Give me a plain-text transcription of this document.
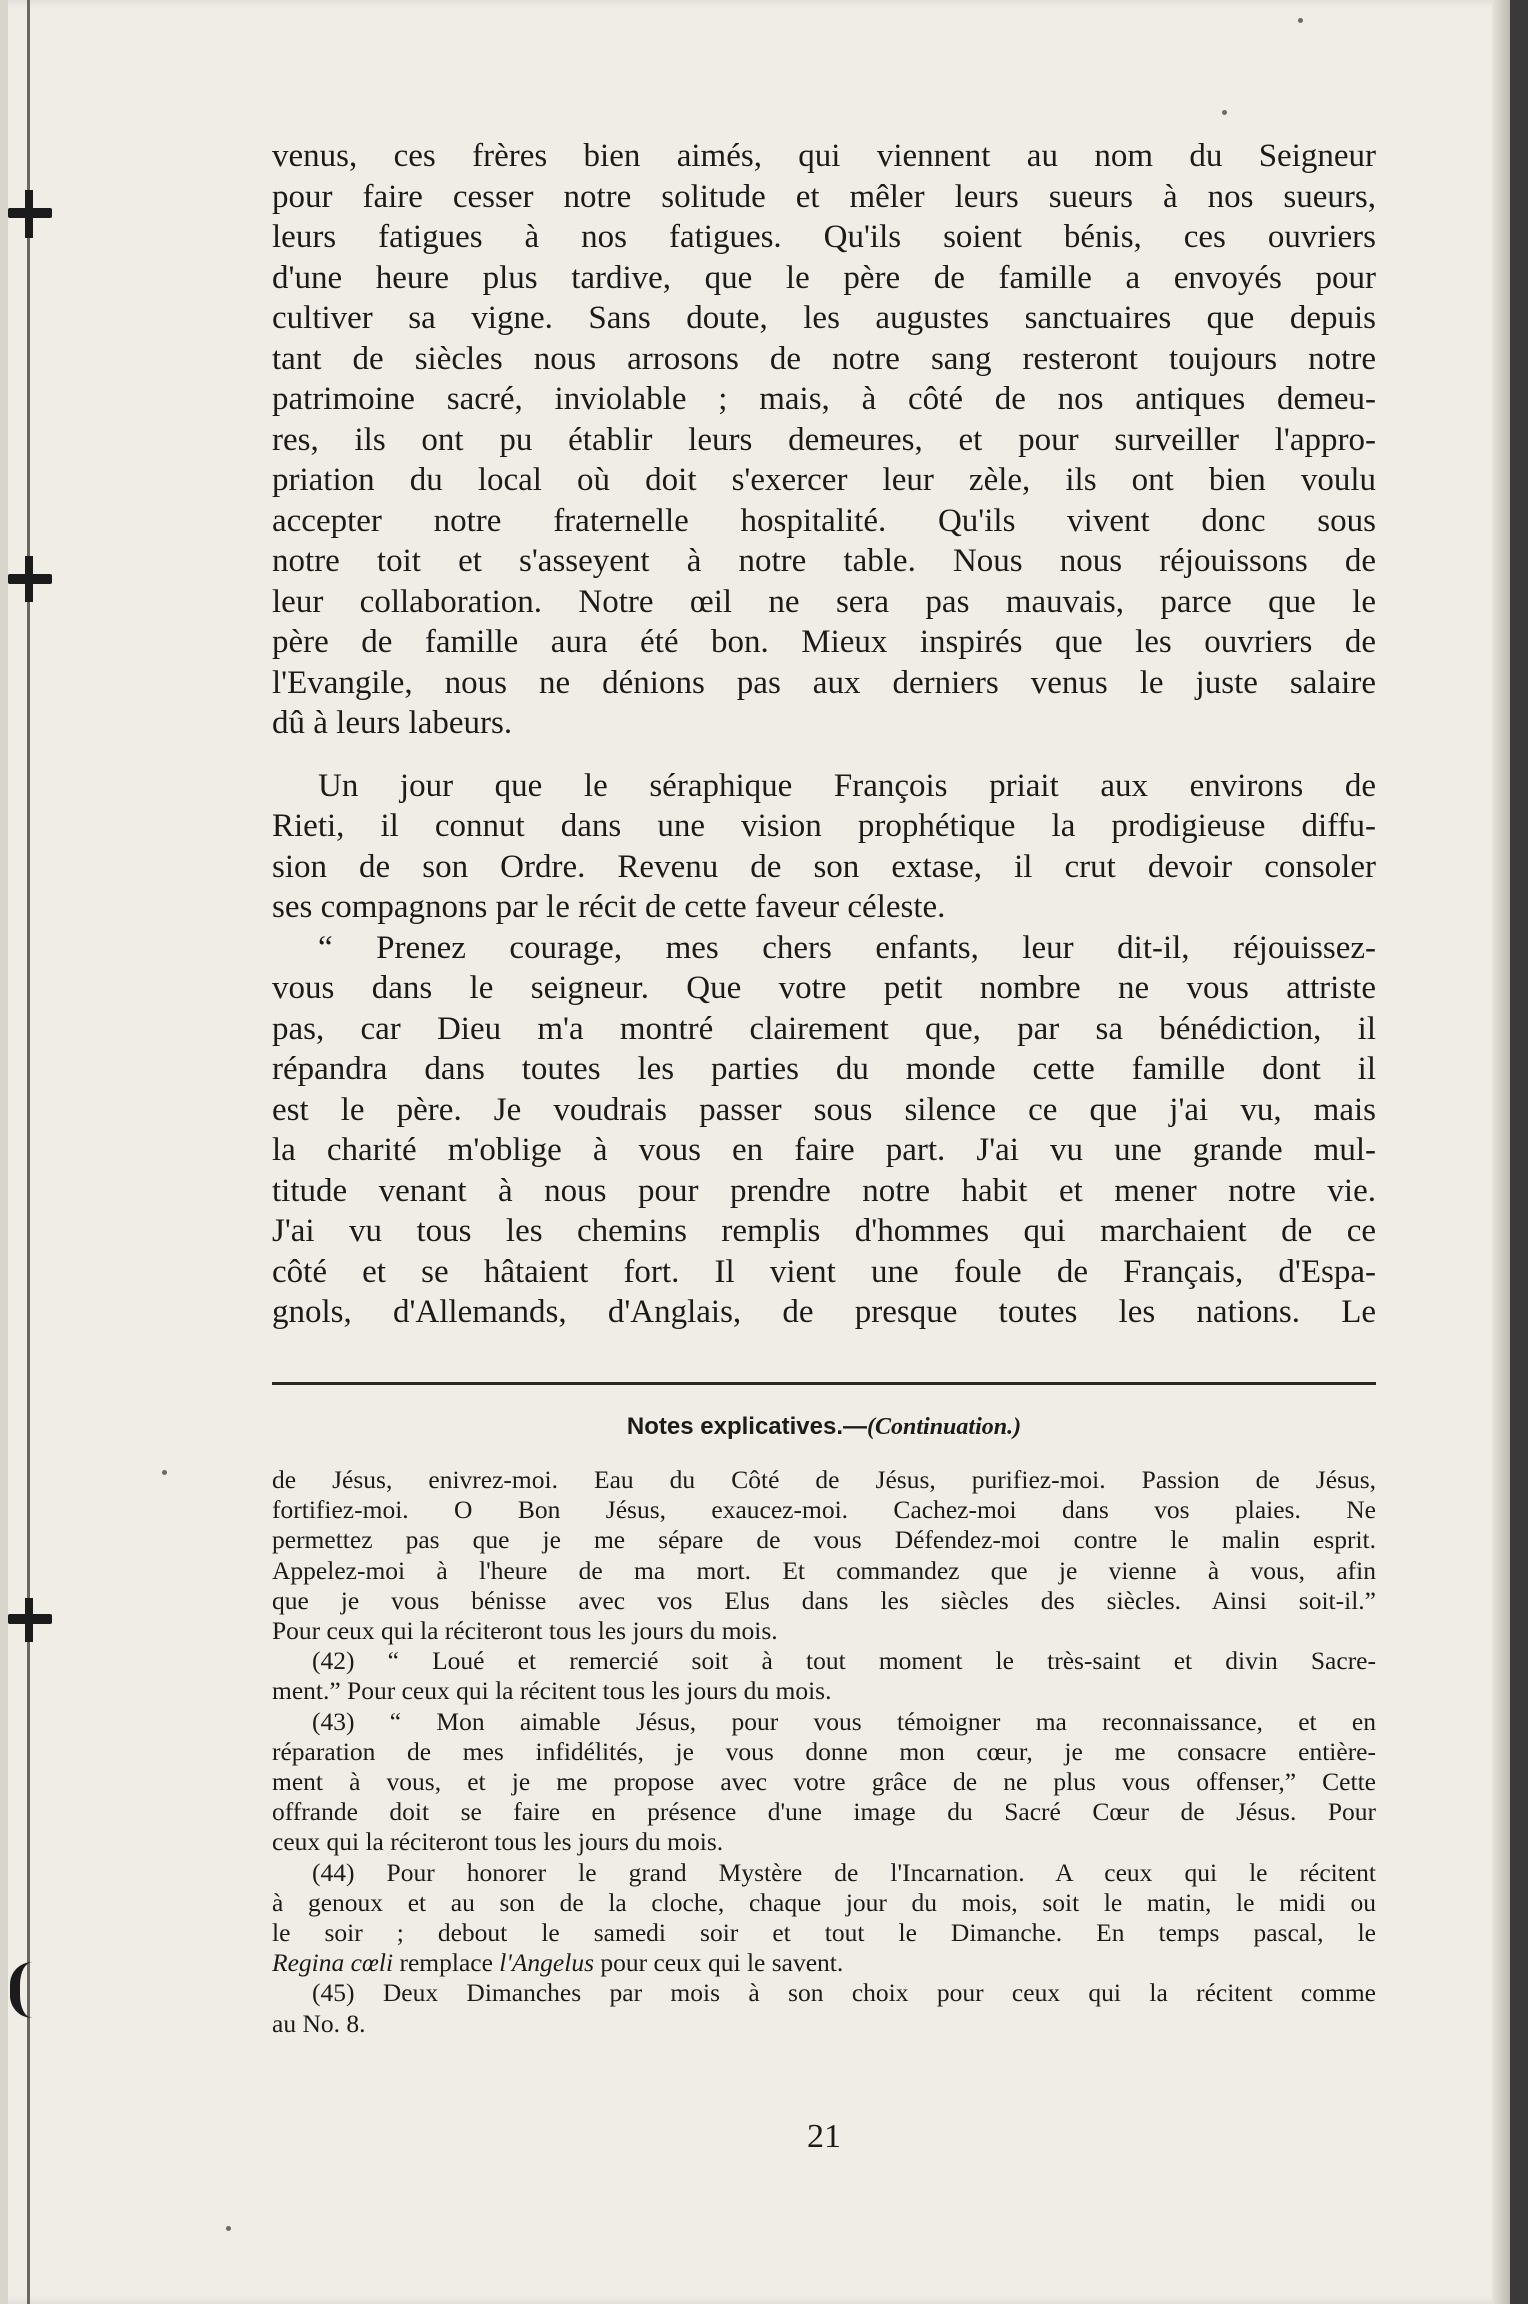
venus, ces frères bien aimés, qui viennent au nom du Seigneur

pour faire cesser notre solitude et mêler leurs sueurs à nos sueurs,

leurs fatigues à nos fatigues. Qu'ils soient bénis, ces ouvriers

d'une heure plus tardive, que le père de famille a envoyés pour

cultiver sa vigne. Sans doute, les augustes sanctuaires que depuis

tant de siècles nous arrosons de notre sang resteront toujours notre

patrimoine sacré, inviolable ; mais, à côté de nos antiques demeu-

res, ils ont pu établir leurs demeures, et pour surveiller l'appro-

priation du local où doit s'exercer leur zèle, ils ont bien voulu

accepter notre fraternelle hospitalité. Qu'ils vivent donc sous

notre toit et s'asseyent à notre table. Nous nous réjouissons de

leur collaboration. Notre œil ne sera pas mauvais, parce que le

père de famille aura été bon. Mieux inspirés que les ouvriers de

l'Evangile, nous ne dénions pas aux derniers venus le juste salaire

dû à leurs labeurs.

Un jour que le séraphique François priait aux environs de

Rieti, il connut dans une vision prophétique la prodigieuse diffu-

sion de son Ordre. Revenu de son extase, il crut devoir consoler

ses compagnons par le récit de cette faveur céleste.

“ Prenez courage, mes chers enfants, leur dit-il, réjouissez-

vous dans le seigneur. Que votre petit nombre ne vous attriste

pas, car Dieu m'a montré clairement que, par sa bénédiction, il

répandra dans toutes les parties du monde cette famille dont il

est le père. Je voudrais passer sous silence ce que j'ai vu, mais

la charité m'oblige à vous en faire part. J'ai vu une grande mul-

titude venant à nous pour prendre notre habit et mener notre vie.

J'ai vu tous les chemins remplis d'hommes qui marchaient de ce

côté et se hâtaient fort. Il vient une foule de Français, d'Espa-

gnols, d'Allemands, d'Anglais, de presque toutes les nations. Le

Notes explicatives.—(Continuation.)

de Jésus, enivrez-moi. Eau du Côté de Jésus, purifiez-moi. Passion de Jésus,

fortifiez-moi. O Bon Jésus, exaucez-moi. Cachez-moi dans vos plaies. Ne

permettez pas que je me sépare de vous Défendez-moi contre le malin esprit.

Appelez-moi à l'heure de ma mort. Et commandez que je vienne à vous, afin

que je vous bénisse avec vos Elus dans les siècles des siècles. Ainsi soit-il.”

Pour ceux qui la réciteront tous les jours du mois.

(42) “ Loué et remercié soit à tout moment le très-saint et divin Sacre-

ment.” Pour ceux qui la récitent tous les jours du mois.

(43) “ Mon aimable Jésus, pour vous témoigner ma reconnaissance, et en

réparation de mes infidélités, je vous donne mon cœur, je me consacre entière-

ment à vous, et je me propose avec votre grâce de ne plus vous offenser,” Cette

offrande doit se faire en présence d'une image du Sacré Cœur de Jésus. Pour

ceux qui la réciteront tous les jours du mois.

(44) Pour honorer le grand Mystère de l'Incarnation. A ceux qui le récitent

à genoux et au son de la cloche, chaque jour du mois, soit le matin, le midi ou

le soir ; debout le samedi soir et tout le Dimanche. En temps pascal, le

Regina cœli remplace l'Angelus pour ceux qui le savent.

(45) Deux Dimanches par mois à son choix pour ceux qui la récitent comme

au No. 8.

21
